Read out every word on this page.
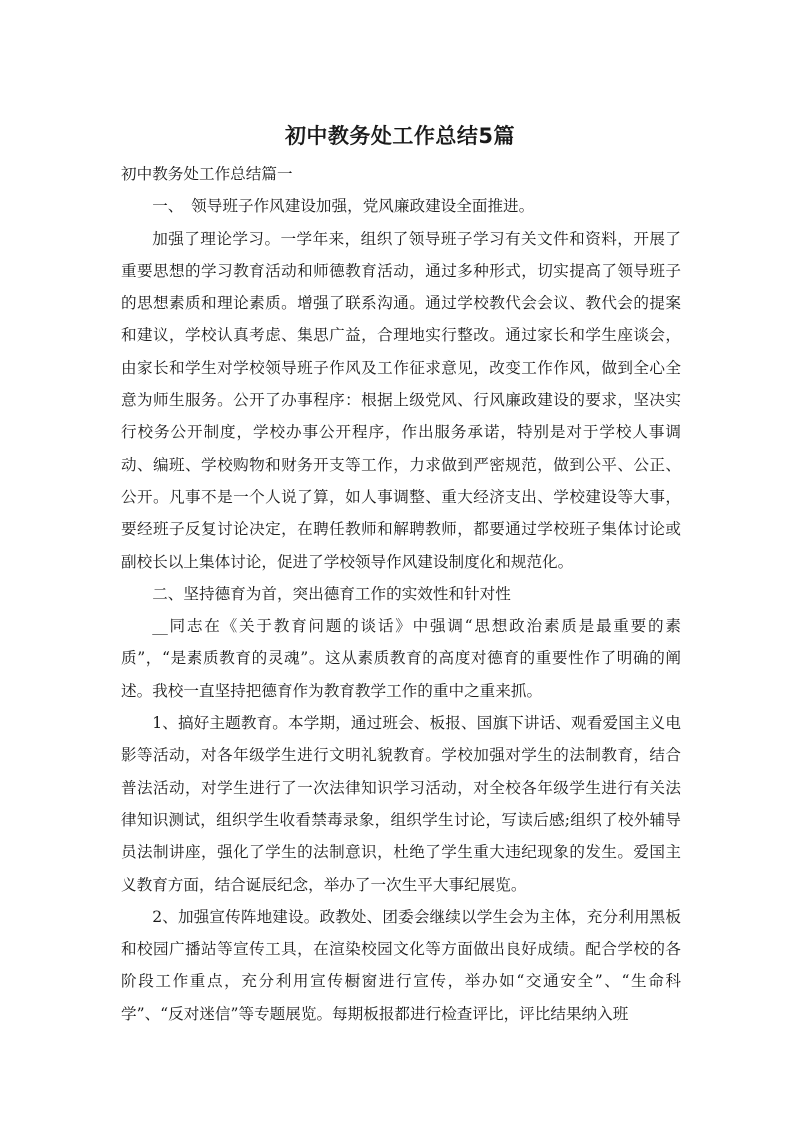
初中教务处工作总结5篇

初中教务处工作总结篇一

一、　领导班子作风建设加强，党风廉政建设全面推进。

加强了理论学习。一学年来，组织了领导班子学习有关文件和资料，开展了重要思想的学习教育活动和师德教育活动，通过多种形式，切实提高了领导班子的思想素质和理论素质。增强了联系沟通。通过学校教代会会议、教代会的提案和建议，学校认真考虑、集思广益，合理地实行整改。通过家长和学生座谈会，由家长和学生对学校领导班子作风及工作征求意见，改变工作作风，做到全心全意为师生服务。公开了办事程序：根据上级党风、行风廉政建设的要求，坚决实行校务公开制度，学校办事公开程序，作出服务承诺，特别是对于学校人事调动、编班、学校购物和财务开支等工作，力求做到严密规范，做到公平、公正、公开。凡事不是一个人说了算，如人事调整、重大经济支出、学校建设等大事，要经班子反复讨论决定，在聘任教师和解聘教师，都要通过学校班子集体讨论或副校长以上集体讨论，促进了学校领导作风建设制度化和规范化。

二、坚持德育为首，突出德育工作的实效性和针对性

__同志在《关于教育问题的谈话》中强调“思想政治素质是最重要的素质”，“是素质教育的灵魂”。这从素质教育的高度对德育的重要性作了明确的阐述。我校一直坚持把德育作为教育教学工作的重中之重来抓。

1、搞好主题教育。本学期，通过班会、板报、国旗下讲话、观看爱国主义电影等活动，对各年级学生进行文明礼貌教育。学校加强对学生的法制教育，结合普法活动，对学生进行了一次法律知识学习活动，对全校各年级学生进行有关法律知识测试，组织学生收看禁毒录象，组织学生讨论，写读后感;组织了校外辅导员法制讲座，强化了学生的法制意识，杜绝了学生重大违纪现象的发生。爱国主义教育方面，结合诞辰纪念，举办了一次生平大事纪展览。

2、加强宣传阵地建设。政教处、团委会继续以学生会为主体，充分利用黑板和校园广播站等宣传工具，在渲染校园文化等方面做出良好成绩。配合学校的各阶段工作重点，充分利用宣传橱窗进行宣传，举办如“交通安全”、“生命科学”、“反对迷信”等专题展览。每期板报都进行检查评比，评比结果纳入班
